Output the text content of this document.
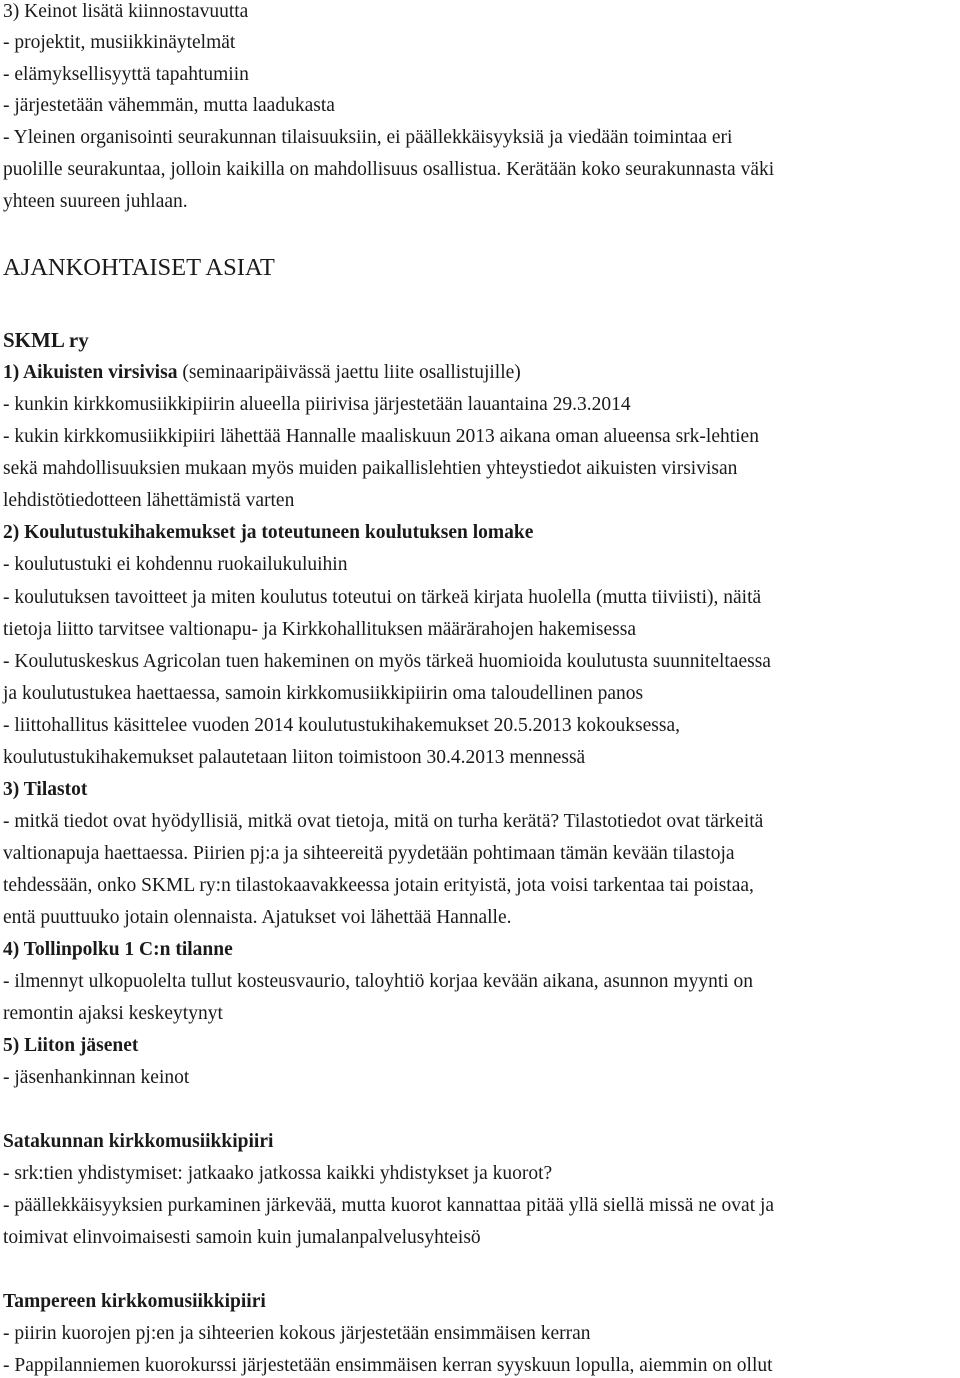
3) Keinot lisätä kiinnostavuutta
- projektit, musiikkinäytelmät
- elämyksellisyyttä tapahtumiin
- järjestetään vähemmän, mutta laadukasta
- Yleinen organisointi seurakunnan tilaisuuksiin, ei päällekkäisyyksiä ja viedään toimintaa eri
puolille seurakuntaa, jolloin kaikilla on mahdollisuus osallistua. Kerätään koko seurakunnasta väki
yhteen suureen juhlaan.
AJANKOHTAISET ASIAT
SKML ry
1) Aikuisten virsivisa (seminaaripäivässä jaettu liite osallistujille)
- kunkin kirkkomusiikkipiirin alueella piirivisa järjestetään lauantaina 29.3.2014
- kukin kirkkomusiikkipiiri lähettää Hannalle maaliskuun 2013 aikana oman alueensa srk-lehtien
sekä mahdollisuuksien mukaan myös muiden paikallislehtien yhteystiedot aikuisten virsivisan
lehdistötiedotteen lähettämistä varten
2) Koulutustukihakemukset ja toteutuneen koulutuksen lomake
- koulutustuki ei kohdennu ruokailukuluihin
- koulutuksen tavoitteet ja miten koulutus toteutui on tärkeä kirjata huolella (mutta tiiviisti), näitä
tietoja liitto tarvitsee valtionapu- ja Kirkkohallituksen määrärahojen hakemisessa
- Koulutuskeskus Agricolan tuen hakeminen on myös tärkeä huomioida koulutusta suunniteltaessa
ja koulutustukea haettaessa, samoin kirkkomusiikkipiirin oma taloudellinen panos
- liittohallitus käsittelee vuoden 2014 koulutustukihakemukset 20.5.2013 kokouksessa,
koulutustukihakemukset palautetaan liiton toimistoon 30.4.2013 mennessä
3) Tilastot
- mitkä tiedot ovat hyödyllisiä, mitkä ovat tietoja, mitä on turha kerätä? Tilastotiedot ovat tärkeitä
valtionapuja haettaessa. Piirien pj:a ja sihteereitä pyydetään pohtimaan tämän kevään tilastoja
tehdessään, onko SKML ry:n tilastokaavakkeessa jotain erityistä, jota voisi tarkentaa tai poistaa,
entä puuttuuko jotain olennaista. Ajatukset voi lähettää Hannalle.
4) Tollinpolku 1 C:n tilanne
- ilmennyt ulkopuolelta tullut kosteusvaurio, taloyhtiö korjaa kevään aikana, asunnon myynti on
remontin ajaksi keskeytynyt
5) Liiton jäsenet
- jäsenhankinnan keinot
Satakunnan kirkkomusiikkipiiri
- srk:tien yhdistymiset: jatkaako jatkossa kaikki yhdistykset ja kuorot?
- päällekkäisyyksien purkaminen järkevää, mutta kuorot kannattaa pitää yllä siellä missä ne ovat ja
toimivat elinvoimaisesti samoin kuin jumalanpalvelusyhteisö
Tampereen kirkkomusiikkipiiri
- piirin kuorojen pj:en ja sihteerien kokous järjestetään ensimmäisen kerran
- Pappilanniemen kuorokurssi järjestetään ensimmäisen kerran syyskuun lopulla, aiemmin on ollut
